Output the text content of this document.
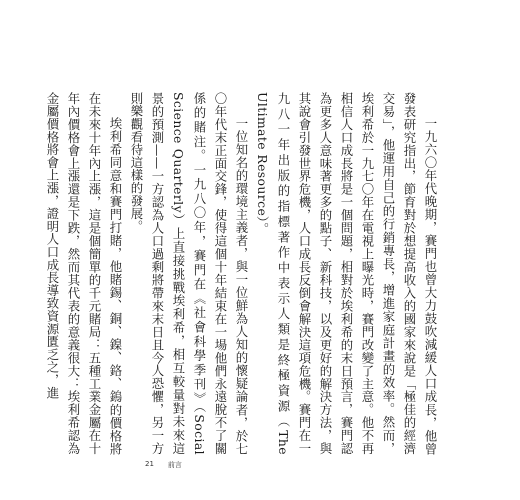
一九六〇年代晚期，賽門也曾大力鼓吹減緩人口成長，他曾發表研究指出，節育對於想提高收入的國家來說是「極佳的經濟交易」，他運用自己的行銷專長，增進家庭計畫的效率。然而，埃利希於一九七〇年在電視上曝光時，賽門改變了主意。他不再相信人口成長將是一個問題，相對於埃利希的末日預言，賽門認為更多人意味著更多的點子、新科技，以及更好的解決方法，與其說會引發世界危機，人口成長反倒會解決這項危機。賽門在一九八一年出版的指標著作中表示人類是終極資源（The Ultimate Resource）。

一位知名的環境主義者，與一位鮮為人知的懷疑論者，於七〇年代末正面交鋒，使得這個十年結束在一場他們永遠脫不了關係的賭注。一九八〇年，賽門在《社會科學季刊》（Social Science Quarterly）上直接挑戰埃利希，相互較量對未來這景的預測——一方認為人口過剩將帶來末日且今人恐懼，另一方則樂觀看待這樣的發展。

埃利希同意和賽門打賭，他賭錫、銅、鎳、鉻、鎢的價格將在未來十年內上漲，這是個簡單的千元賭局：五種工業金屬在十年內價格會上漲還是下跌，然而其代表的意義很大：埃利希認為金屬價格將會上漲，證明人口成長導致資源匱乏之，進

21 前言
